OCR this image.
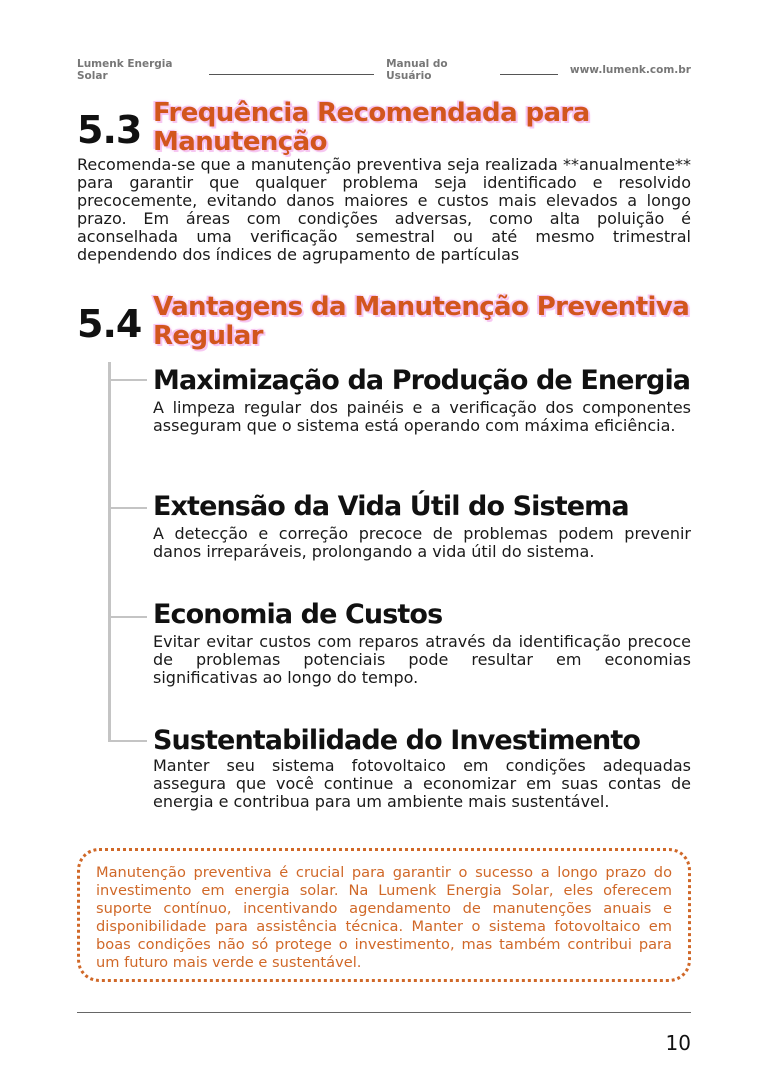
Lumenk Energia Solar
Manual do Usuário	www.lumenk.com.br
5.3 Frequência Recomendada para Manutenção

Recomenda-se que a manutenção preventiva seja realizada **anualmente** para garantir que qualquer problema seja identificado e resolvido precocemente, evitando danos maiores e custos mais elevados a longo prazo. Em áreas com condições adversas, como alta poluição é aconselhada uma verificação semestral ou até mesmo trimestral dependendo dos índices de agrupamento de partículas

5.4 Vantagens da Manutenção Preventiva Regular
Maximização da Produção de Energia

A limpeza regular dos painéis e a verificação dos componentes asseguram que o sistema está operando com máxima eficiência.

Extensão da Vida Útil do Sistema

A detecção e correção precoce de problemas podem prevenir danos irreparáveis, prolongando a vida útil do sistema.

Economia de Custos

Evitar evitar custos com reparos através da identificação precoce de problemas potenciais pode resultar em economias significativas ao longo do tempo.

Sustentabilidade do Investimento

Manter seu sistema fotovoltaico em condições adequadas assegura que você continue a economizar em suas contas de energia e contribua para um ambiente mais sustentável.

Manutenção preventiva é crucial para garantir o sucesso a longo prazo do investimento em energia solar. Na Lumenk Energia Solar, eles oferecem suporte contínuo, incentivando agendamento de manutenções anuais e disponibilidade para assistência técnica. Manter o sistema fotovoltaico em boas condições não só protege o investimento, mas também contribui para um futuro mais verde e sustentável.

10
